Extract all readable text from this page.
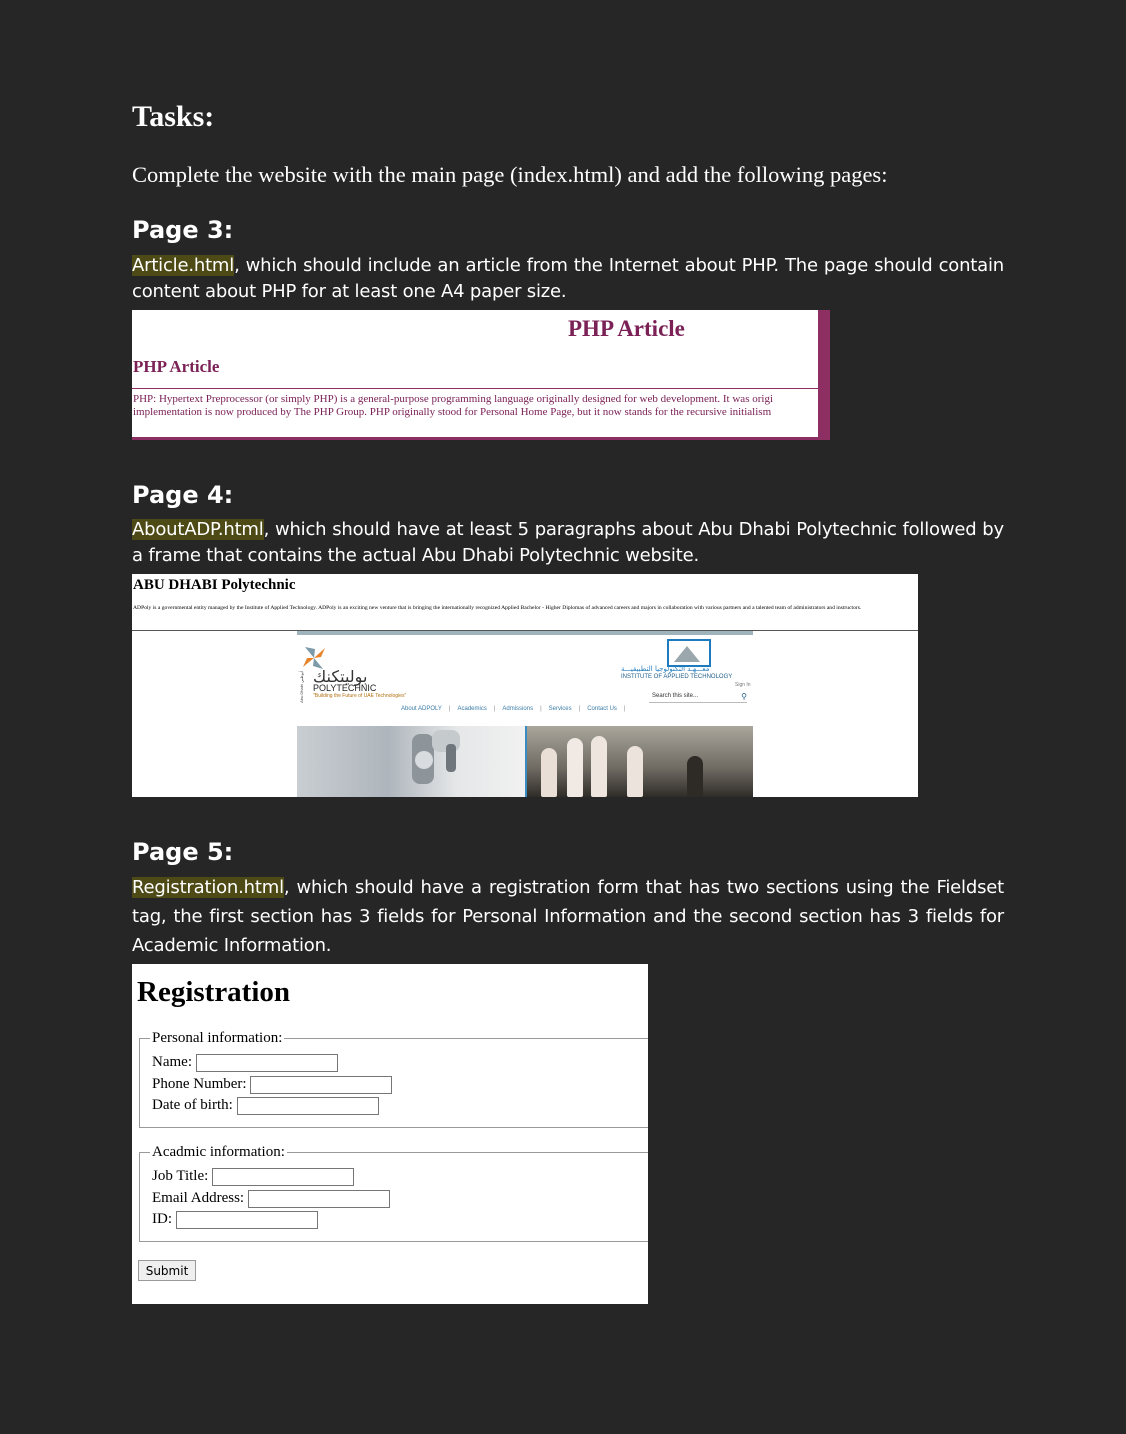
Tasks:
Complete the website with the main page (index.html) and add the following pages:
Page 3:
Article.html, which should include an article from the Internet about PHP. The page should contain content about PHP for at least one A4 paper size.
PHP Article
PHP Article
PHP: Hypertext Preprocessor (or simply PHP) is a general-purpose programming language originally designed for web development. It was origi
implementation is now produced by The PHP Group. PHP originally stood for Personal Home Page, but it now stands for the recursive initialism
Page 4:
AboutADP.html, which should have at least 5 paragraphs about Abu Dhabi Polytechnic followed by a frame that contains the actual Abu Dhabi Polytechnic website.
ABU DHABI Polytechnic
ADPoly is a governmental entity managed by the Institute of Applied Technology. ADPoly is an exciting new venture that is bringing the internationally recognized Applied Bachelor - Higher Diplomas of advanced careers and majors in collaboration with various partners and a talented team of administrators and instructors.
Abu Dhabi أبوظبي بوليتكنك
POLYTECHNIC
"Building the Future of UAE Technologies"
معـــهـد التكنولوجيا التطبيقيـــة
INSTITUTE OF APPLIED TECHNOLOGY
Sign In
Search this site...	⚲
About ADPOLY | Academics | Admissions | Services | Contact Us |
Page 5:
Registration.html, which should have a registration form that has two sections using the Fieldset tag, the first section has 3 fields for Personal Information and the second section has 3 fields for Academic Information.
Registration
Personal information:
Name:
Phone Number:
Date of birth:
Acadmic information:
Job Title:
Email Address:
ID:
Submit
